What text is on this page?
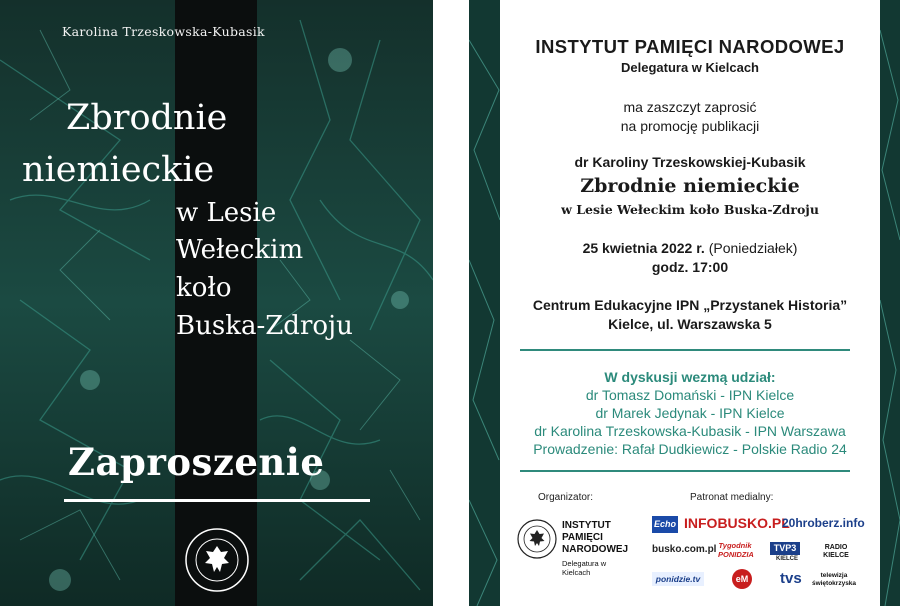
Karolina Trzeskowska-Kubasik
Zbrodnie
niemieckie
w Lesie
Wełeckim
koło
Buska-Zdroju
Zaproszenie
INSTYTUT PAMIĘCI NARODOWEJ
Delegatura w Kielcach
ma zaszczyt zaprosić
na promocję publikacji
dr Karoliny Trzeskowskiej-Kubasik
Zbrodnie niemieckie
w Lesie Wełeckim koło Buska-Zdroju
25 kwietnia 2022 r. (Poniedziałek)
godz. 17:00
Centrum Edukacyjne IPN „Przystanek Historia”
Kielce, ul. Warszawska 5
W dyskusji wezmą udział:
dr Tomasz Domański - IPN Kielce
dr Marek Jedynak - IPN Kielce
dr Karolina Trzeskowska-Kubasik - IPN Warszawa
Prowadzenie: Rafał Dudkiewicz - Polskie Radio 24
Organizator:	Patronat medialny:
INSTYTUT
PAMIĘCI
NARODOWEJ
Delegatura w Kielcach
Echo INFOBUSKO.PL
20hroberz.info
busko.com.pl Tygodnik PONIDZIA
TVP3
KIELCE
RADIO KIELCE
ponidzie.tv	eM tvs	telewizja świętokrzyska
